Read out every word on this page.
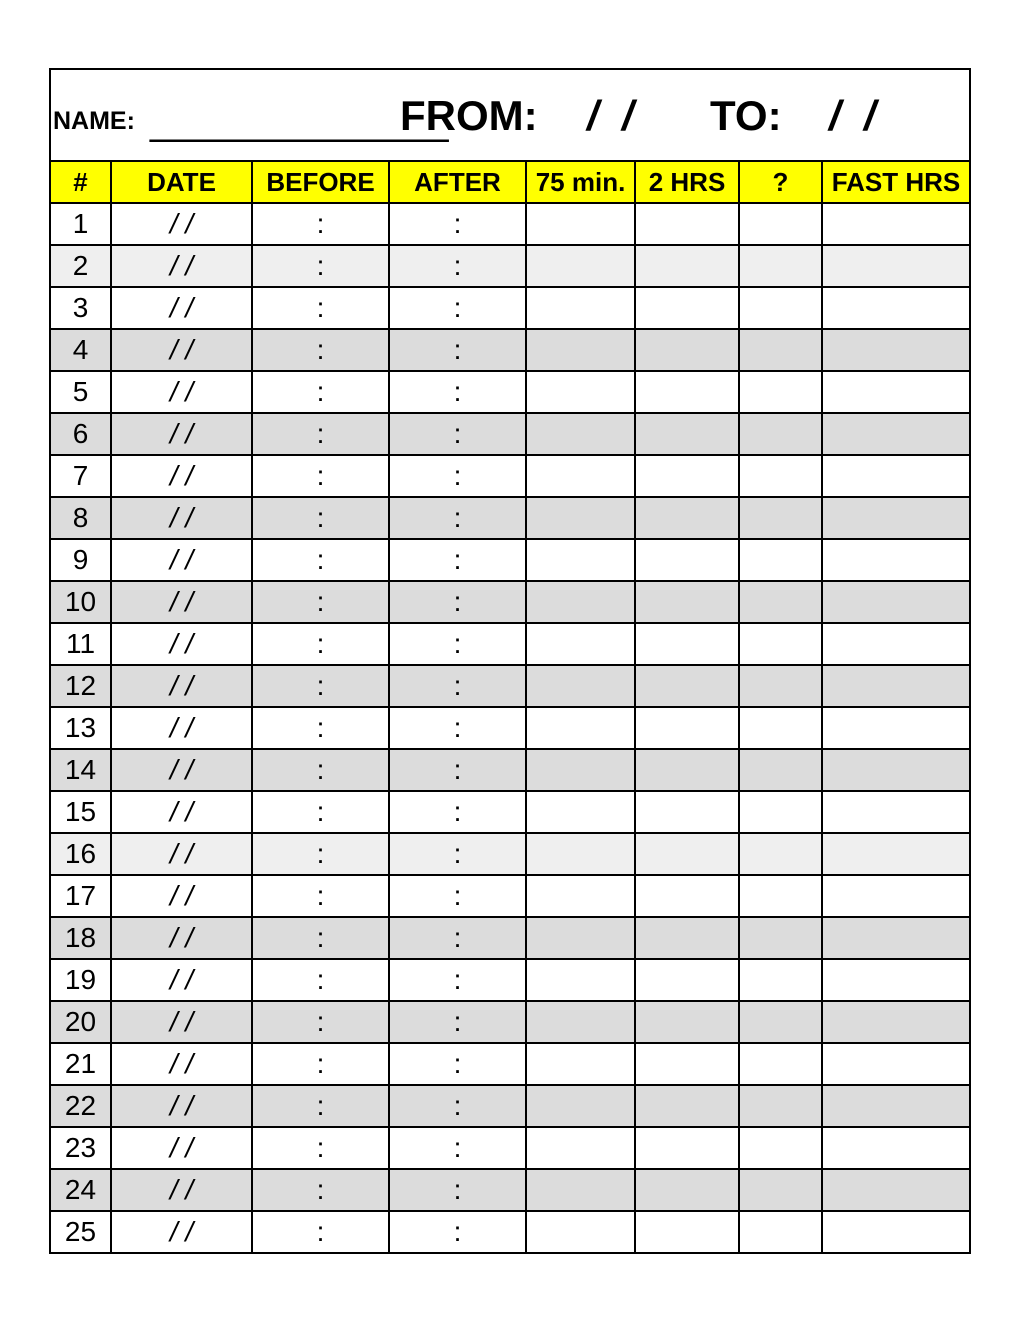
NAME: ______________
FROM: /  / TO: /  /
#	DATE	BEFORE	AFTER	75 min.	2 HRS	?	FAST HRS
1	/ /	:	:				
2	/ /	:	:				
3	/ /	:	:				
4	/ /	:	:				
5	/ /	:	:				
6	/ /	:	:				
7	/ /	:	:				
8	/ /	:	:				
9	/ /	:	:				
10	/ /	:	:				
11	/ /	:	:				
12	/ /	:	:				
13	/ /	:	:				
14	/ /	:	:				
15	/ /	:	:				
16	/ /	:	:				
17	/ /	:	:				
18	/ /	:	:				
19	/ /	:	:				
20	/ /	:	:				
21	/ /	:	:				
22	/ /	:	:				
23	/ /	:	:				
24	/ /	:	:				
25	/ /	:	:				
